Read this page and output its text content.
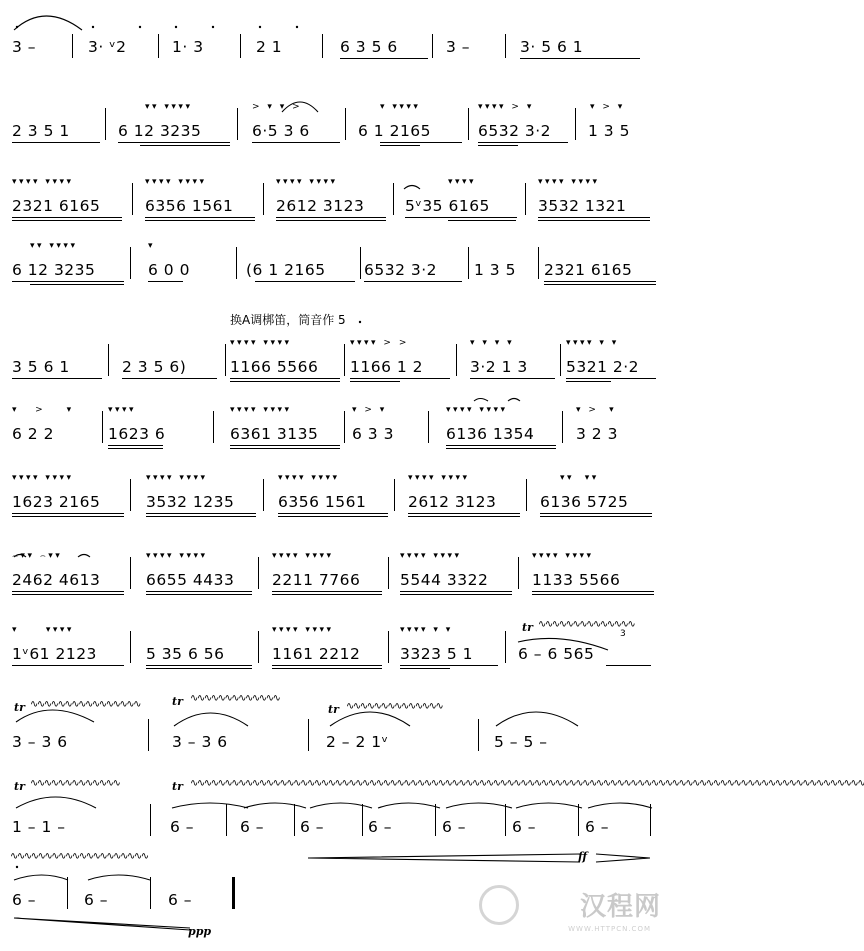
3 –	3· ᵛ2	1· 3	2 1	6 3 5 6	3 –	3· 5 6 1
2 3 5 1	6 12 3235	6·5 3 6	6 1 2165	6532 3·2 1 3 5
▾▾ ▾▾▾▾	> ▾ ▾ >	▾ ▾▾▾▾	▾▾▾▾ > ▾	▾ > ▾
2321 6165	6356 1561	2612 3123	5ᵛ35 6165	3532 1321
▾▾▾▾ ▾▾▾▾	▾▾▾▾ ▾▾▾▾	▾▾▾▾ ▾▾▾▾	▾▾▾▾	▾▾▾▾ ▾▾▾▾
6 12 3235	6 0 0	(6 1 2165 6532 3·2 1 3 5 2321 6165
▾▾ ▾▾▾▾	▾
换A调梆笛，筒音作 5
3 5 6 1	2 3 5 6)	1166 5566 1166 1 2	3·2 1 3 5321 2·2
▾▾▾▾ ▾▾▾▾	▾▾▾▾ > >	▾ ▾ ▾ ▾	▾▾▾▾ ▾ ▾
6 2 2	1623 6	6361 3135 6 3 3	6136 1354	3 2 3
▾   >    ▾	▾▾▾▾	▾▾▾▾ ▾▾▾▾	▾ > ▾	▾▾▾▾ ▾▾▾▾	▾ >  ▾
1623 2165	3532 1235	6356 1561	2612 3123	6136 5725
▾▾▾▾ ▾▾▾▾	▾▾▾▾ ▾▾▾▾	▾▾▾▾ ▾▾▾▾	▾▾▾▾ ▾▾▾▾	▾▾  ▾▾
2462 4613	6655 4433 2211 7766	5544 3322	1133 5566
⌢▾▾ ⌢▾▾	▾▾▾▾ ▾▾▾▾	▾▾▾▾ ▾▾▾▾	▾▾▾▾ ▾▾▾▾	▾▾▾▾ ▾▾▾▾
1ᵛ61 2123	5 35 6 56	1161 2212	3323 5 1	6 – 6 565
▾     ▾▾▾▾	▾▾▾▾ ▾▾▾▾	▾▾▾▾ ▾ ▾	tr ∿∿∿∿∿∿∿∿∿∿∿∿∿∿
3
tr ∿∿∿∿∿∿∿∿∿∿∿∿∿∿∿∿
3 – 3 6
tr ∿∿∿∿∿∿∿∿∿∿∿∿∿
3 – 3 6
tr ∿∿∿∿∿∿∿∿∿∿∿∿∿∿
2 – 2 1ᵛ	5 – 5 –
tr ∿∿∿∿∿∿∿∿∿∿∿∿∿	tr ∿∿∿∿∿∿∿∿∿∿∿∿∿∿∿∿∿∿∿∿∿∿∿∿∿∿∿∿∿∿∿∿∿∿∿∿∿∿∿∿∿∿∿∿∿∿∿∿∿∿∿∿∿∿∿∿∿∿∿∿∿∿∿∿∿∿∿∿∿∿∿∿∿∿∿∿∿∿∿∿∿∿∿∿∿∿∿∿∿∿∿∿∿∿∿∿∿∿
1 – 1 –	6 –	6 – 6 –	6 –	6 –	6 –	6 –
ff
∿∿∿∿∿∿∿∿∿∿∿∿∿∿∿∿∿∿∿∿
6 –	6 –	6 –
ppp
汉程网
WWW.HTTPCN.COM
